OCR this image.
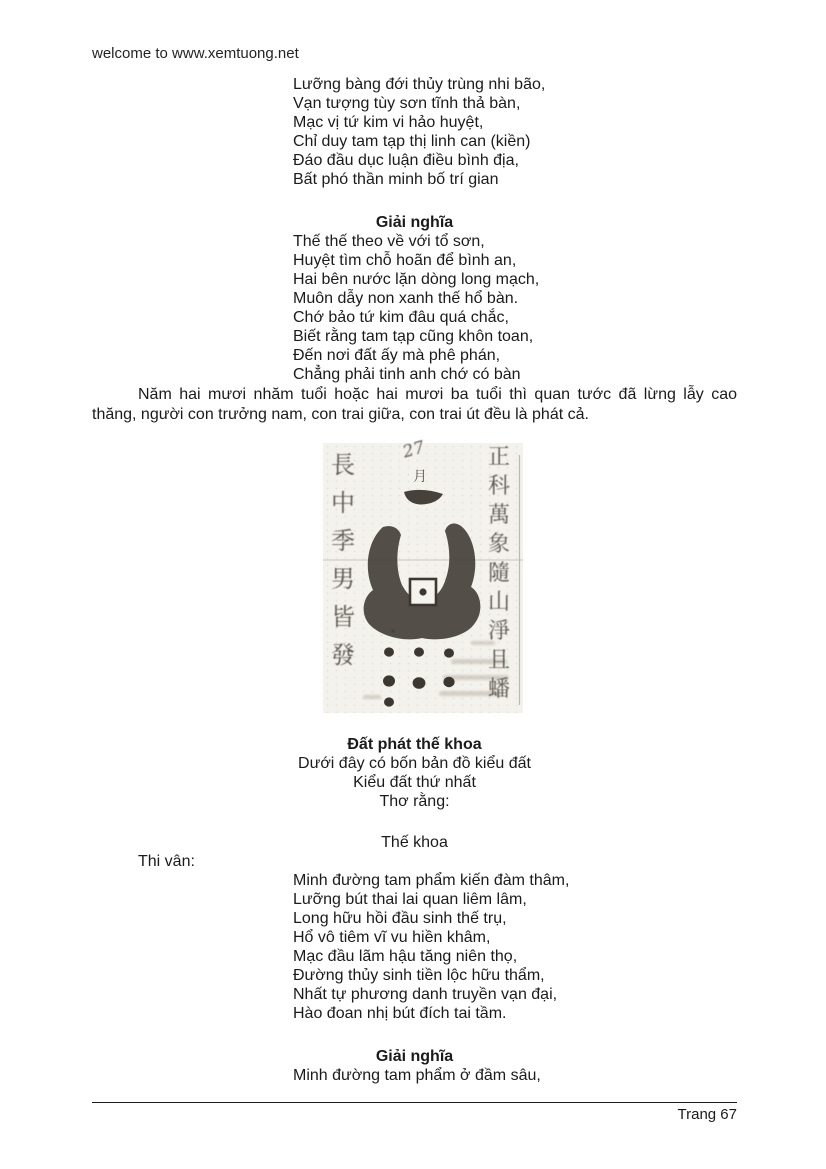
welcome to www.xemtuong.net
Lưỡng bàng đới thủy trùng nhi bão,
Vạn tượng tùy sơn tĩnh thả bàn,
Mạc vị tứ kim vi hảo huyệt,
Chỉ duy tam tạp thị linh can (kiền)
Đáo đầu dục luận điều bình địa,
Bất phó thần minh bố trí gian
Giải nghĩa
Thế thế theo về với tổ sơn,
Huyệt tìm chỗ hoãn để bình an,
Hai bên nước lặn dòng long mạch,
Muôn dẫy non xanh thế hổ bàn.
Chớ bảo tứ kim đâu quá chắc,
Biết rằng tam tạp cũng khôn toan,
Đến nơi đất ấy mà phê phán,
Chẳng phải tinh anh chớ có bàn
Năm hai mươi nhăm tuổi hoặc hai mươi ba tuổi thì quan tước đã lừng lẫy cao thăng, người con trưởng nam, con trai giữa, con trai út đều là phát cả.
27
月
長
中
季
男
皆
發
正
科
萬
象
隨
山
淨
且
蟠
Đất phát thế khoa
Dưới đây có bốn bản đồ kiểu đất
Kiểu đất thứ nhất
Thơ rằng:
Thế khoa
Thi vân:
Minh đường tam phẩm kiến đàm thâm,
Lưỡng bút thai lai quan liêm lâm,
Long hữu hồi đầu sinh thế trụ,
Hổ vô tiêm vĩ vu hiền khâm,
Mạc đầu lãm hậu tăng niên thọ,
Đường thủy sinh tiền lộc hữu thẩm,
Nhất tự phương danh truyền vạn đại,
Hào đoan nhị bút đích tai tầm.
Giải nghĩa
Minh đường tam phẩm ở đầm sâu,
Trang 67
